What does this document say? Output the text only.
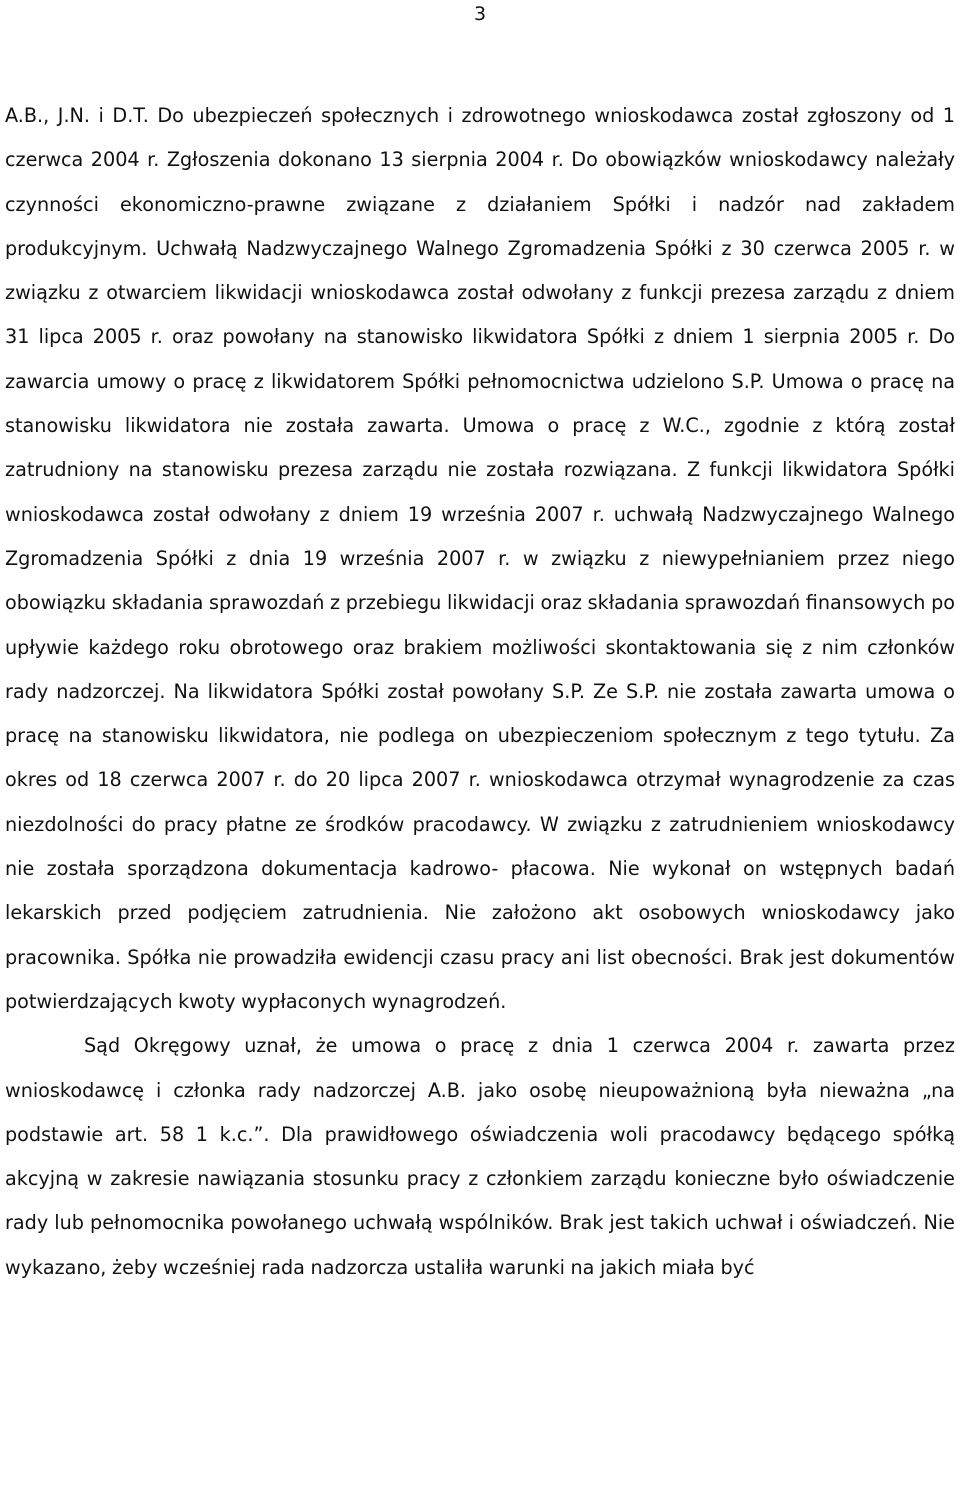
3

A.B., J.N. i D.T. Do ubezpieczeń społecznych i zdrowotnego wnioskodawca został zgłoszony od 1 czerwca 2004 r. Zgłoszenia dokonano 13 sierpnia 2004 r. Do obowiązków wnioskodawcy należały czynności ekonomiczno-prawne związane z działaniem Spółki i nadzór nad zakładem produkcyjnym. Uchwałą Nadzwyczajnego Walnego Zgromadzenia Spółki z 30 czerwca 2005 r. w związku z otwarciem likwidacji wnioskodawca został odwołany z funkcji prezesa zarządu z dniem 31 lipca 2005 r. oraz powołany na stanowisko likwidatora Spółki z dniem 1 sierpnia 2005 r. Do zawarcia umowy o pracę z likwidatorem Spółki pełnomocnictwa udzielono S.P. Umowa o pracę na stanowisku likwidatora nie została zawarta. Umowa o pracę z W.C., zgodnie z którą został zatrudniony na stanowisku prezesa zarządu nie została rozwiązana. Z funkcji likwidatora Spółki wnioskodawca został odwołany z dniem 19 września 2007 r. uchwałą Nadzwyczajnego Walnego Zgromadzenia Spółki z dnia 19 września 2007 r. w związku z niewypełnianiem przez niego obowiązku składania sprawozdań z przebiegu likwidacji oraz składania sprawozdań finansowych po upływie każdego roku obrotowego oraz brakiem możliwości skontaktowania się z nim członków rady nadzorczej. Na likwidatora Spółki został powołany S.P. Ze S.P. nie została zawarta umowa o pracę na stanowisku likwidatora, nie podlega on ubezpieczeniom społecznym z tego tytułu. Za okres od 18 czerwca 2007 r. do 20 lipca 2007 r. wnioskodawca otrzymał wynagrodzenie za czas niezdolności do pracy płatne ze środków pracodawcy. W związku z zatrudnieniem wnioskodawcy nie została sporządzona dokumentacja kadrowo- płacowa. Nie wykonał on wstępnych badań lekarskich przed podjęciem zatrudnienia. Nie założono akt osobowych wnioskodawcy jako pracownika. Spółka nie prowadziła ewidencji czasu pracy ani list obecności. Brak jest dokumentów potwierdzających kwoty wypłaconych wynagrodzeń.

Sąd Okręgowy uznał, że umowa o pracę z dnia 1 czerwca 2004 r. zawarta przez wnioskodawcę i członka rady nadzorczej A.B. jako osobę nieupoważnioną była nieważna „na podstawie art. 58 1 k.c.”. Dla prawidłowego oświadczenia woli pracodawcy będącego spółką akcyjną w zakresie nawiązania stosunku pracy z członkiem zarządu konieczne było oświadczenie rady lub pełnomocnika powołanego uchwałą wspólników. Brak jest takich uchwał i oświadczeń. Nie wykazano, żeby wcześniej rada nadzorcza ustaliła warunki na jakich miała być
